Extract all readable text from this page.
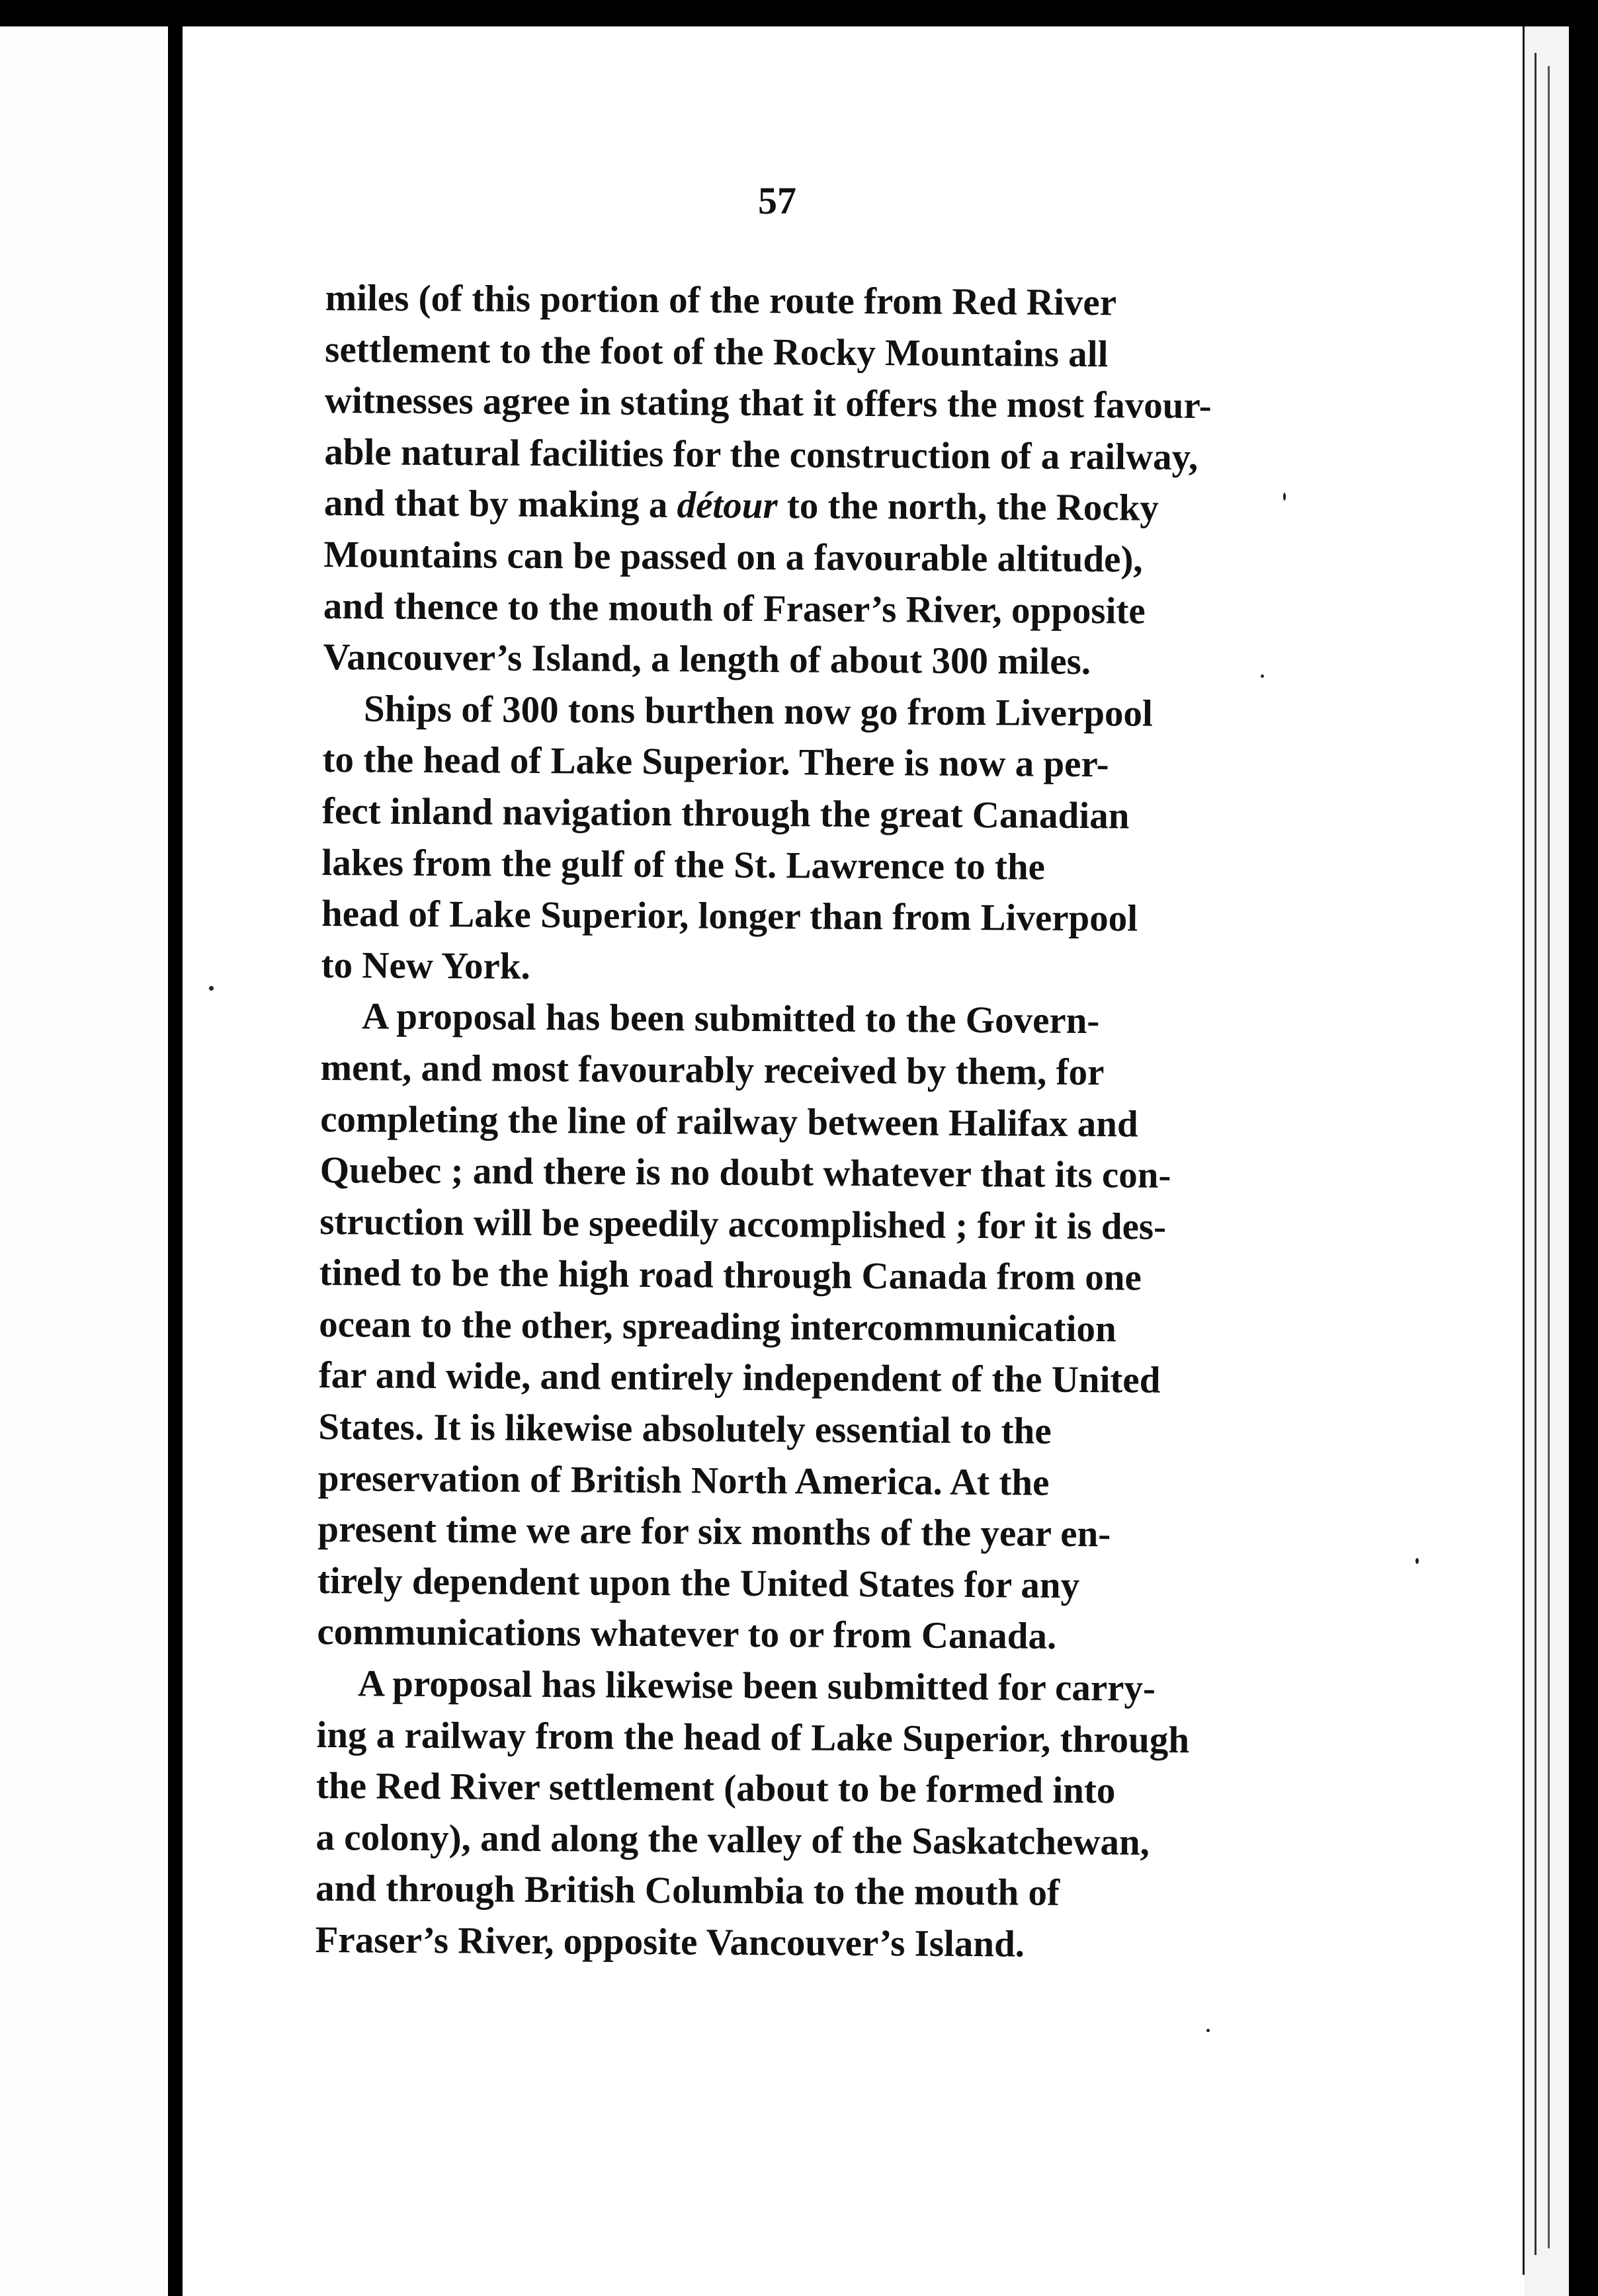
57
miles (of this portion of the route from Red River
settlement to the foot of the Rocky Mountains all
witnesses agree in stating that it offers the most favour-
able natural facilities for the construction of a railway,
and that by making a détour to the north, the Rocky
Mountains can be passed on a favourable altitude),
and thence to the mouth of Fraser’s River, opposite
Vancouver’s Island, a length of about 300 miles.
Ships of 300 tons burthen now go from Liverpool
to the head of Lake Superior. There is now a per-
fect inland navigation through the great Canadian
lakes from the gulf of the St. Lawrence to the
head of Lake Superior, longer than from Liverpool
to New York.
A proposal has been submitted to the Govern-
ment, and most favourably received by them, for
completing the line of railway between Halifax and
Quebec ; and there is no doubt whatever that its con-
struction will be speedily accomplished ; for it is des-
tined to be the high road through Canada from one
ocean to the other, spreading intercommunication
far and wide, and entirely independent of the United
States. It is likewise absolutely essential to the
preservation of British North America. At the
present time we are for six months of the year en-
tirely dependent upon the United States for any
communications whatever to or from Canada.
A proposal has likewise been submitted for carry-
ing a railway from the head of Lake Superior, through
the Red River settlement (about to be formed into
a colony), and along the valley of the Saskatchewan,
and through British Columbia to the mouth of
Fraser’s River, opposite Vancouver’s Island.
